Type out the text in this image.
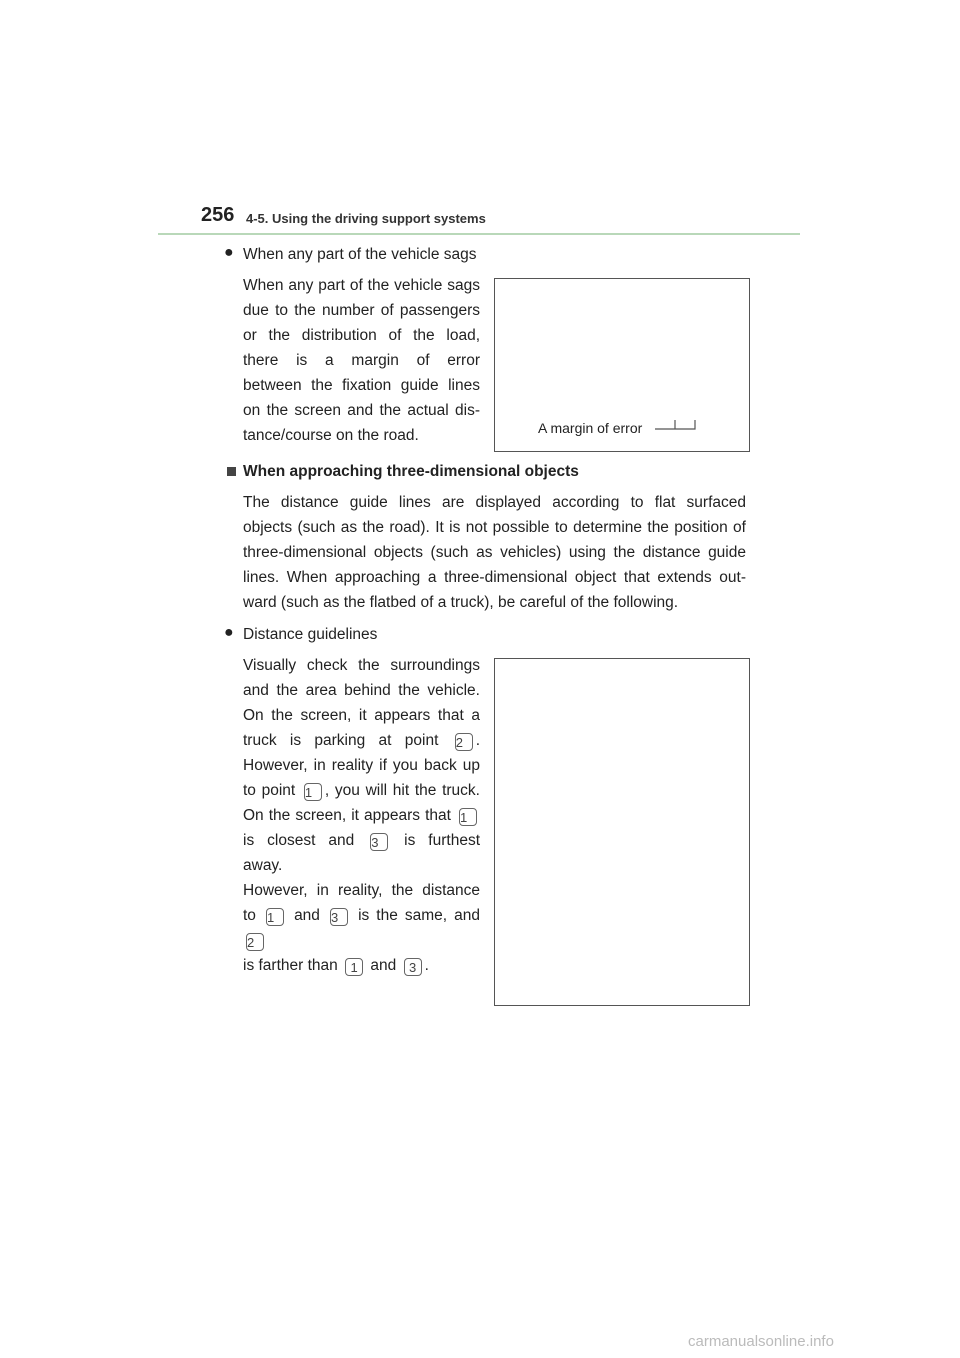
256 4-5. Using the driving support systems
● When any part of the vehicle sags
When any part of the vehicle sags
due to the number of passengers
or the distribution of the load,
there is a margin of error
between the fixation guide lines
on the screen and the actual dis-
tance/course on the road.	A margin of error
When approaching three-dimensional objects
The distance guide lines are displayed according to flat surfaced
objects (such as the road). It is not possible to determine the position of
three-dimensional objects (such as vehicles) using the distance guide
lines. When approaching a three-dimensional object that extends out-
ward (such as the flatbed of a truck), be careful of the following.
● Distance guidelines
Visually check the surroundings
and the area behind the vehicle.
On the screen, it appears that a
truck is parking at point 2 .
However, in reality if you back up
to point 1 , you will hit the truck.
On the screen, it appears that 1
is closest and 3 is furthest away.
However, in reality, the distance
to 1 and 3 is the same, and 2
is farther than 1 and 3 .
carmanualsonline.info
